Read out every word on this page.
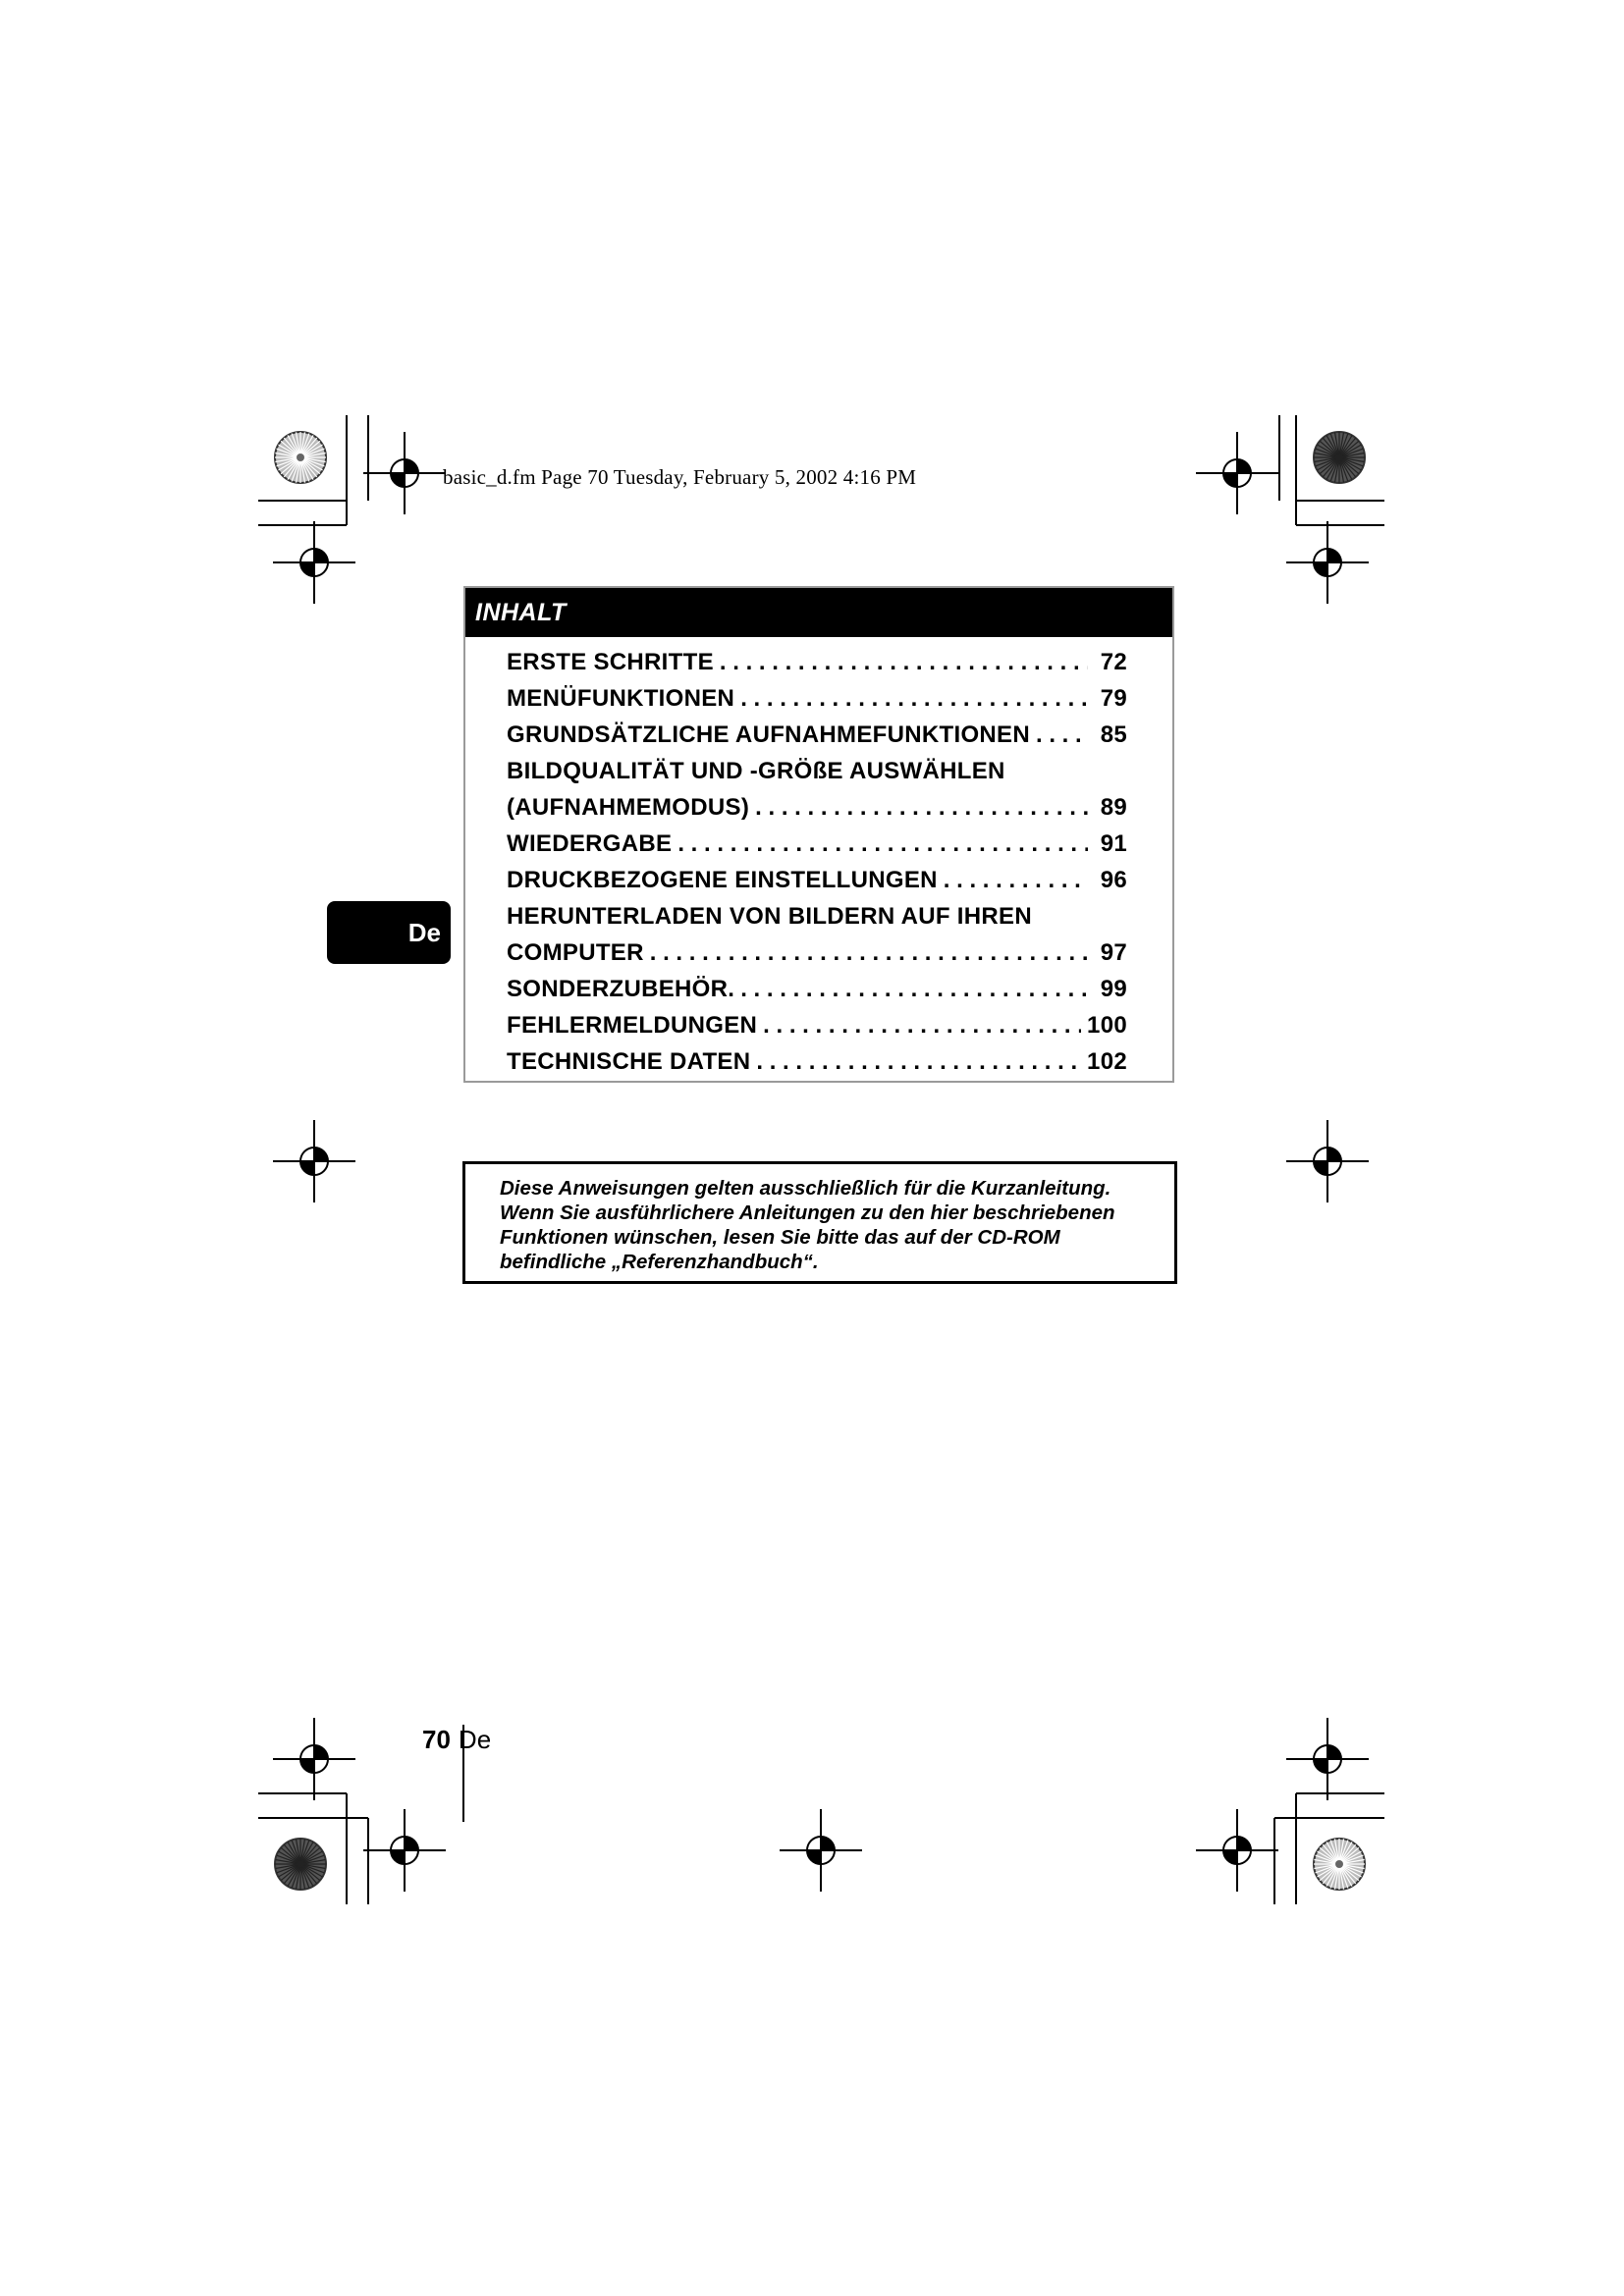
basic_d.fm Page 70 Tuesday, February 5, 2002 4:16 PM
INHALT
ERSTE SCHRITTE . . .	72
MENÜFUNKTIONEN . . .	79
GRUNDSÄTZLICHE AUFNAHMEFUNKTIONEN . . .	85
BILDQUALITÄT UND -GRÖßE AUSWÄHLEN
(AUFNAHMEMODUS) . . .	89
WIEDERGABE . . .	91
DRUCKBEZOGENE EINSTELLUNGEN . . .	96
HERUNTERLADEN VON BILDERN AUF IHREN
COMPUTER . . .	97
SONDERZUBEHÖR. . . .	99
FEHLERMELDUNGEN . . .	100
TECHNISCHE DATEN . . .	102
De
Diese Anweisungen gelten ausschließlich für die Kurzanleitung.
Wenn Sie ausführlichere Anleitungen zu den hier beschriebenen
Funktionen wünschen, lesen Sie bitte das auf der CD-ROM
befindliche „Referenzhandbuch“.
70 De
